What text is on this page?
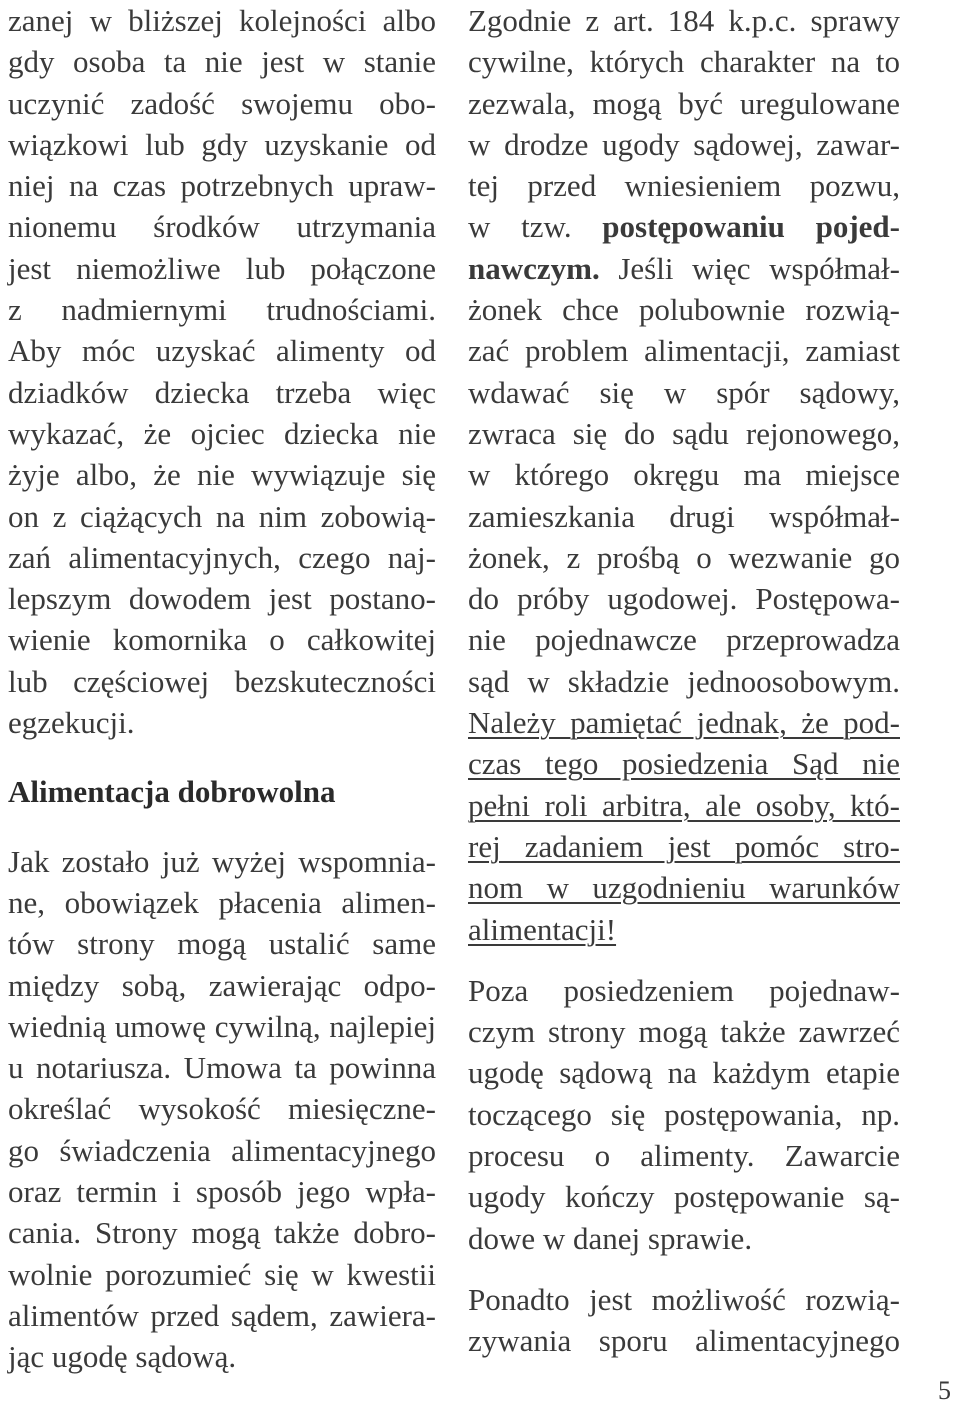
zanej w bliższej kolejności albo
gdy osoba ta nie jest w stanie
uczynić zadość swojemu obo-
wiązkowi lub gdy uzyskanie od
niej na czas potrzebnych upraw-
nionemu środków utrzymania
jest niemożliwe lub połączone
z nadmiernymi trudnościami.
Aby móc uzyskać alimenty od
dziadków dziecka trzeba więc
wykazać, że ojciec dziecka nie
żyje albo, że nie wywiązuje się
on z ciążących na nim zobowią-
zań alimentacyjnych, czego naj-
lepszym dowodem jest postano-
wienie komornika o całkowitej
lub częściowej bezskuteczności
egzekucji.
Alimentacja dobrowolna
Jak zostało już wyżej wspomnia-
ne, obowiązek płacenia alimen-
tów strony mogą ustalić same
między sobą, zawierając odpo-
wiednią umowę cywilną, najlepiej
u notariusza. Umowa ta powinna
określać wysokość miesięczne-
go świadczenia alimentacyjnego
oraz termin i sposób jego wpła-
cania. Strony mogą także dobro-
wolnie porozumieć się w kwestii
alimentów przed sądem, zawiera-
jąc ugodę sądową.
Zgodnie z art. 184 k.p.c. sprawy
cywilne, których charakter na to
zezwala, mogą być uregulowane
w drodze ugody sądowej, zawar-
tej przed wniesieniem pozwu,
w tzw. postępowaniu pojed-
nawczym. Jeśli więc współmał-
żonek chce polubownie rozwią-
zać problem alimentacji, zamiast
wdawać się w spór sądowy,
zwraca się do sądu rejonowego,
w którego okręgu ma miejsce
zamieszkania drugi współmał-
żonek, z prośbą o wezwanie go
do próby ugodowej. Postępowa-
nie pojednawcze przeprowadza
sąd w składzie jednoosobowym.
Należy pamiętać jednak, że pod-
czas tego posiedzenia Sąd nie
pełni roli arbitra, ale osoby, któ-
rej zadaniem jest pomóc stro-
nom w uzgodnieniu warunków
alimentacji!
Poza posiedzeniem pojednaw-
czym strony mogą także zawrzeć
ugodę sądową na każdym etapie
toczącego się postępowania, np.
procesu o alimenty. Zawarcie
ugody kończy postępowanie są-
dowe w danej sprawie.
Ponadto jest możliwość rozwią-
zywania sporu alimentacyjnego
5
